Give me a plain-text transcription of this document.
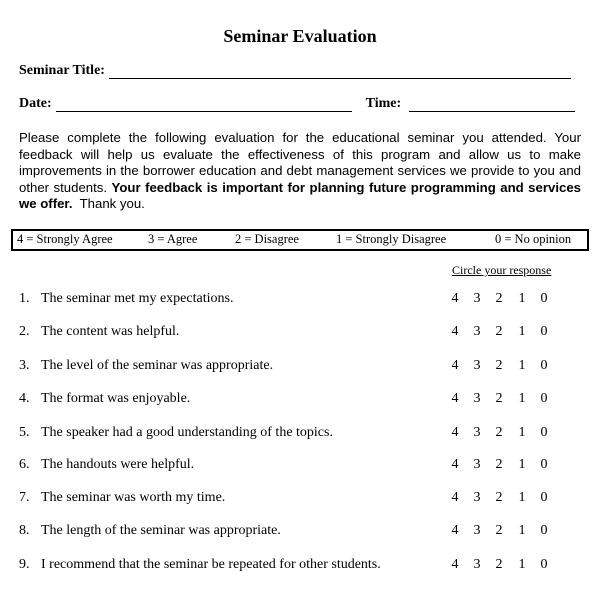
Seminar Evaluation
Seminar Title:
Date:	Time:
Please complete the following evaluation for the educational seminar you attended. Your feedback will help us evaluate the effectiveness of this program and allow us to make improvements in the borrower education and debt management services we provide to you and other students. Your feedback is important for planning future programming and services we offer. Thank you.
4 = Strongly Agree	3 = Agree	2 = Disagree	1 = Strongly Disagree	0 = No opinion
Circle your response
1. The seminar met my expectations.	4 3 2 1 0
2. The content was helpful.	4 3 2 1 0
3. The level of the seminar was appropriate.	4 3 2 1 0
4. The format was enjoyable.	4 3 2 1 0
5. The speaker had a good understanding of the topics.	4 3 2 1 0
6. The handouts were helpful.	4 3 2 1 0
7. The seminar was worth my time.	4 3 2 1 0
8. The length of the seminar was appropriate.	4 3 2 1 0
9. I recommend that the seminar be repeated for other students.	4 3 2 1 0
